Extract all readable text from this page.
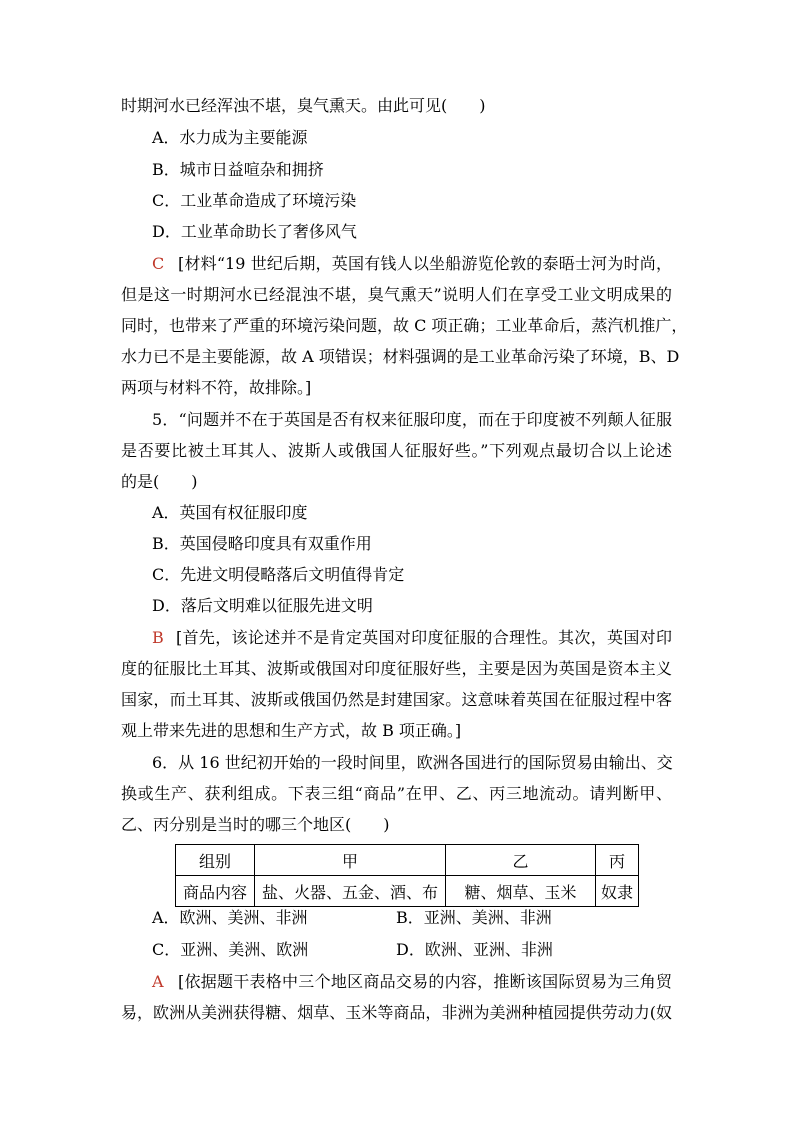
时期河水已经浑浊不堪，臭气熏天。由此可见(　　)
A．水力成为主要能源
B．城市日益喧杂和拥挤
C．工业革命造成了环境污染
D．工业革命助长了奢侈风气
C [材料“19 世纪后期，英国有钱人以坐船游览伦敦的泰晤士河为时尚，
但是这一时期河水已经混浊不堪，臭气熏天”说明人们在享受工业文明成果的
同时，也带来了严重的环境污染问题，故 C 项正确；工业革命后，蒸汽机推广，
水力已不是主要能源，故 A 项错误；材料强调的是工业革命污染了环境，B、D
两项与材料不符，故排除。]
5．“问题并不在于英国是否有权来征服印度，而在于印度被不列颠人征服
是否要比被土耳其人、波斯人或俄国人征服好些。”下列观点最切合以上论述
的是(　　)
A．英国有权征服印度
B．英国侵略印度具有双重作用
C．先进文明侵略落后文明值得肯定
D．落后文明难以征服先进文明
B [首先，该论述并不是肯定英国对印度征服的合理性。其次，英国对印
度的征服比土耳其、波斯或俄国对印度征服好些，主要是因为英国是资本主义
国家，而土耳其、波斯或俄国仍然是封建国家。这意味着英国在征服过程中客
观上带来先进的思想和生产方式，故 B 项正确。]
6．从 16 世纪初开始的一段时间里，欧洲各国进行的国际贸易由输出、交
换或生产、获利组成。下表三组“商品”在甲、乙、丙三地流动。请判断甲、
乙、丙分别是当时的哪三个地区(　　)
组别	甲	乙	丙
商品内容	盐、火器、五金、酒、布	糖、烟草、玉米	奴隶
A．欧洲、美洲、非洲	B．亚洲、美洲、非洲
C．亚洲、美洲、欧洲	D．欧洲、亚洲、非洲
A [依据题干表格中三个地区商品交易的内容，推断该国际贸易为三角贸
易，欧洲从美洲获得糖、烟草、玉米等商品，非洲为美洲种植园提供劳动力(奴
